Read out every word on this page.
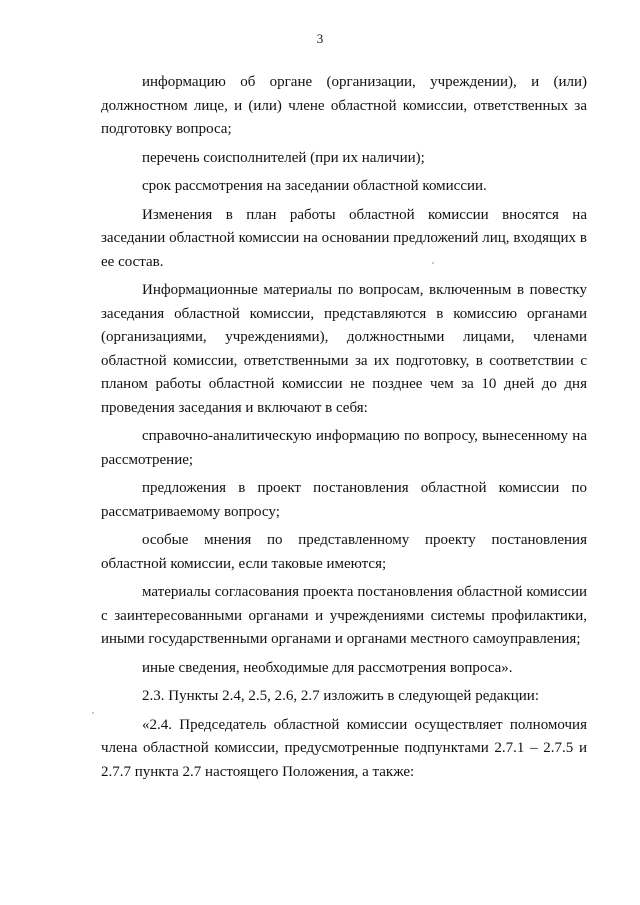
3

информацию об органе (организации, учреждении), и (или) должностном лице, и (или) члене областной комиссии, ответственных за подготовку вопроса;

перечень соисполнителей (при их наличии);

срок рассмотрения на заседании областной комиссии.

Изменения в план работы областной комиссии вносятся на заседании областной комиссии на основании предложений лиц, входящих в ее состав.

Информационные материалы по вопросам, включенным в повестку заседания областной комиссии, представляются в комиссию органами (организациями, учреждениями), должностными лицами, членами областной комиссии, ответственными за их подготовку, в соответствии с планом работы областной комиссии не позднее чем за 10 дней до дня проведения заседания и включают в себя:

справочно-аналитическую информацию по вопросу, вынесенному на рассмотрение;

предложения в проект постановления областной комиссии по рассматриваемому вопросу;

особые мнения по представленному проекту постановления областной комиссии, если таковые имеются;

материалы согласования проекта постановления областной комиссии с заинтересованными органами и учреждениями системы профилактики, иными государственными органами и органами местного самоуправления;

иные сведения, необходимые для рассмотрения вопроса».

2.3. Пункты 2.4, 2.5, 2.6, 2.7 изложить в следующей редакции:

«2.4. Председатель областной комиссии осуществляет полномочия члена областной комиссии, предусмотренные подпунктами 2.7.1 – 2.7.5 и 2.7.7 пункта 2.7 настоящего Положения, а также:
